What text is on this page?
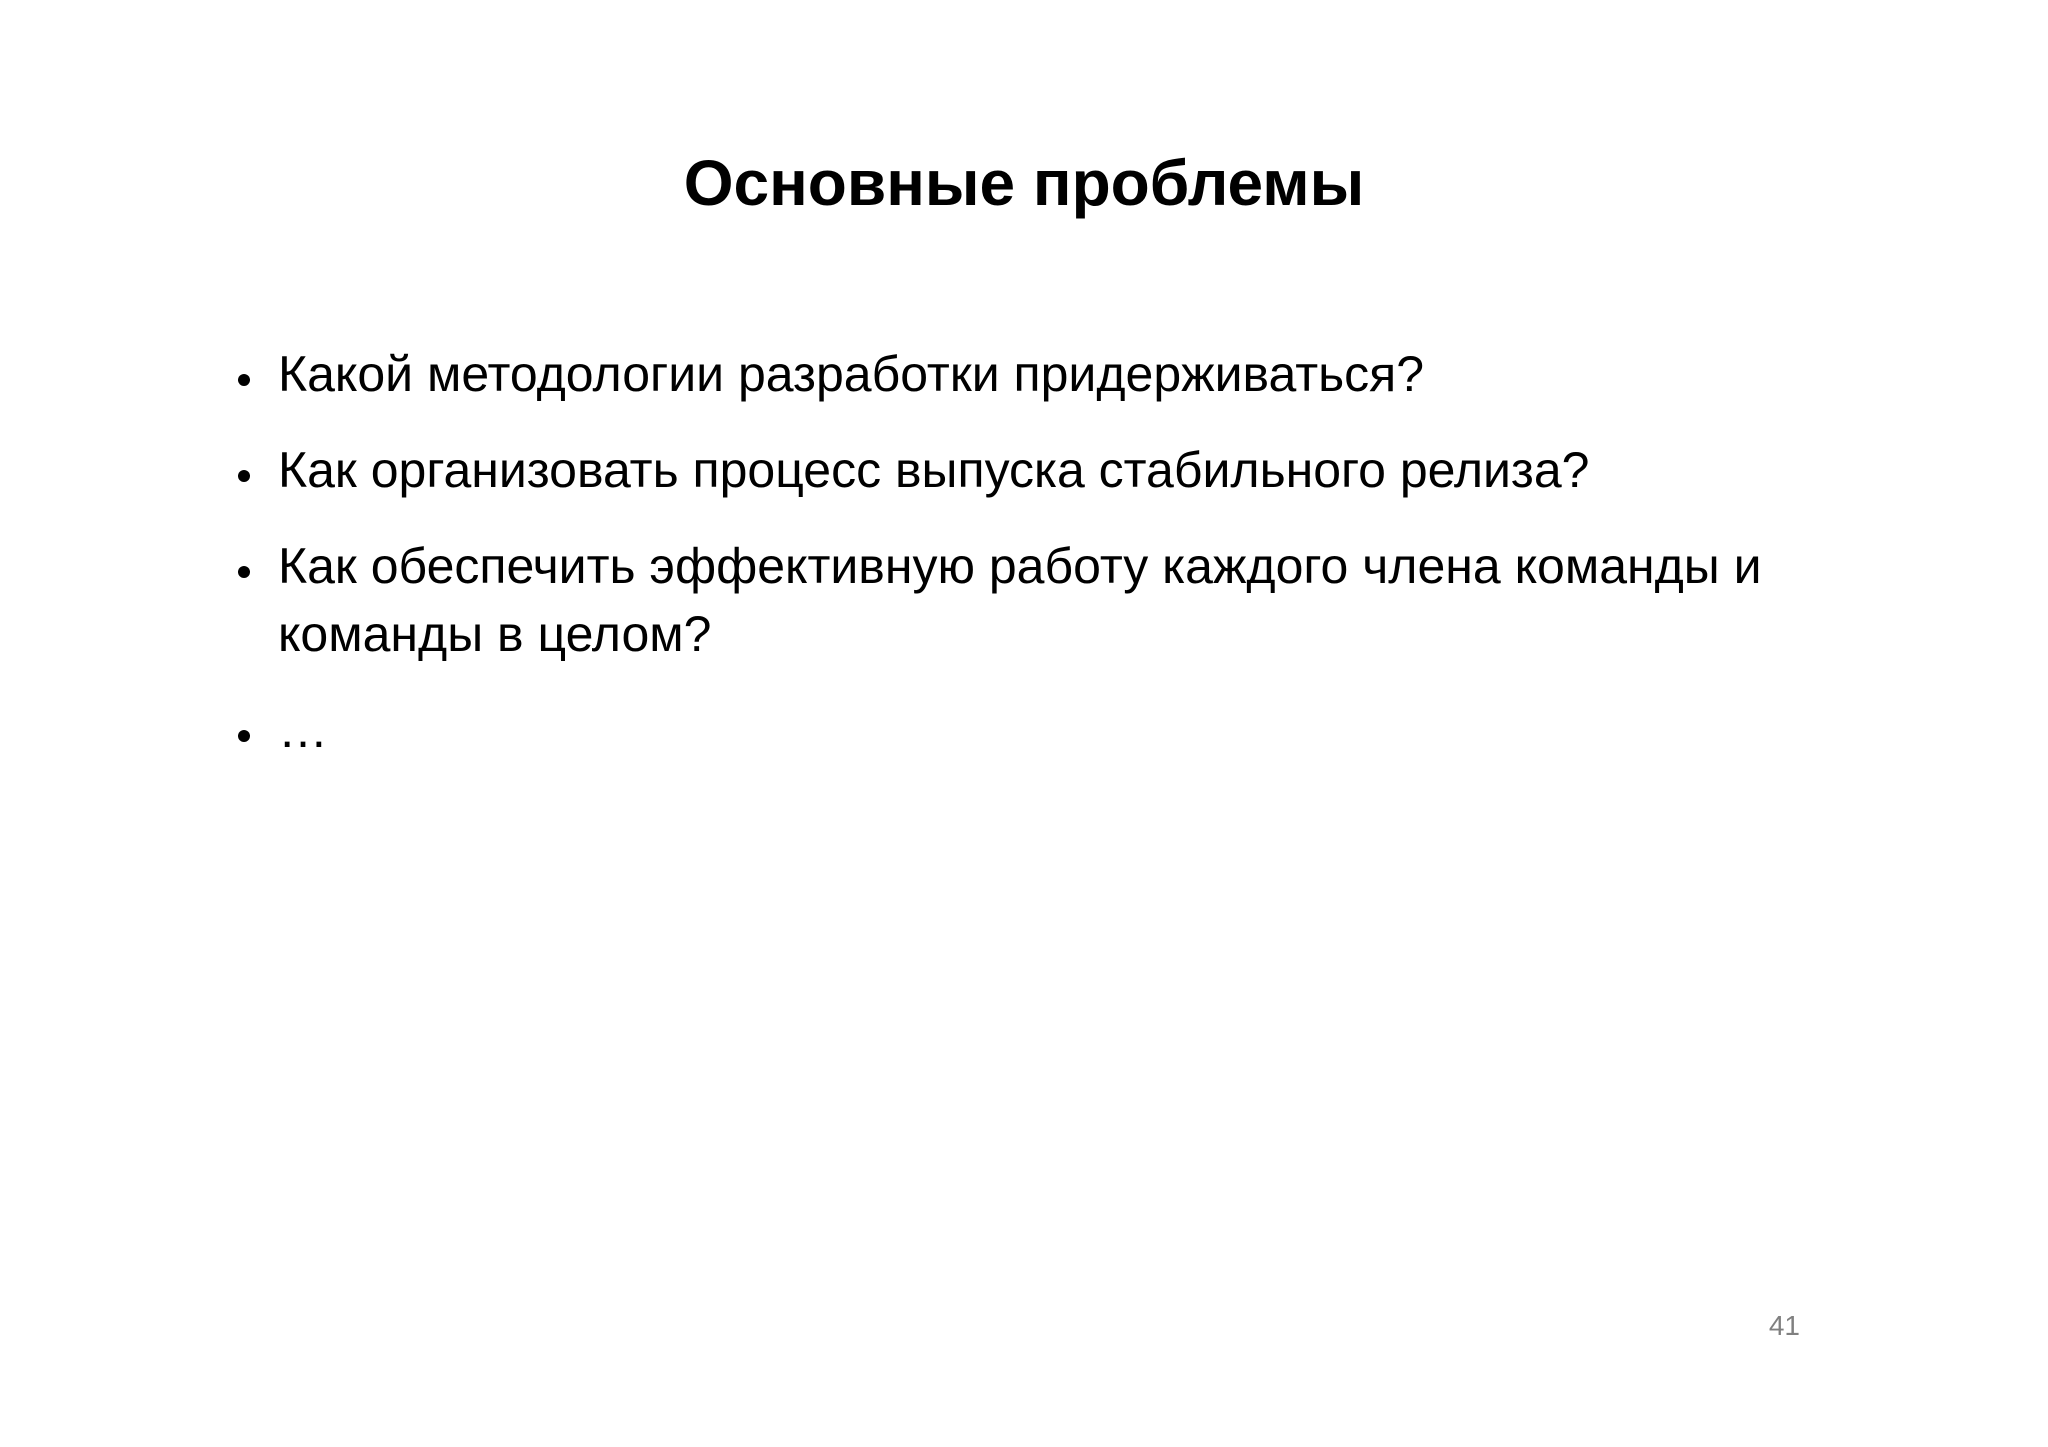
Основные проблемы
Какой методологии разработки придерживаться?
Как организовать процесс выпуска стабильного релиза?
Как обеспечить эффективную работу каждого члена команды и команды в целом?
…
41
